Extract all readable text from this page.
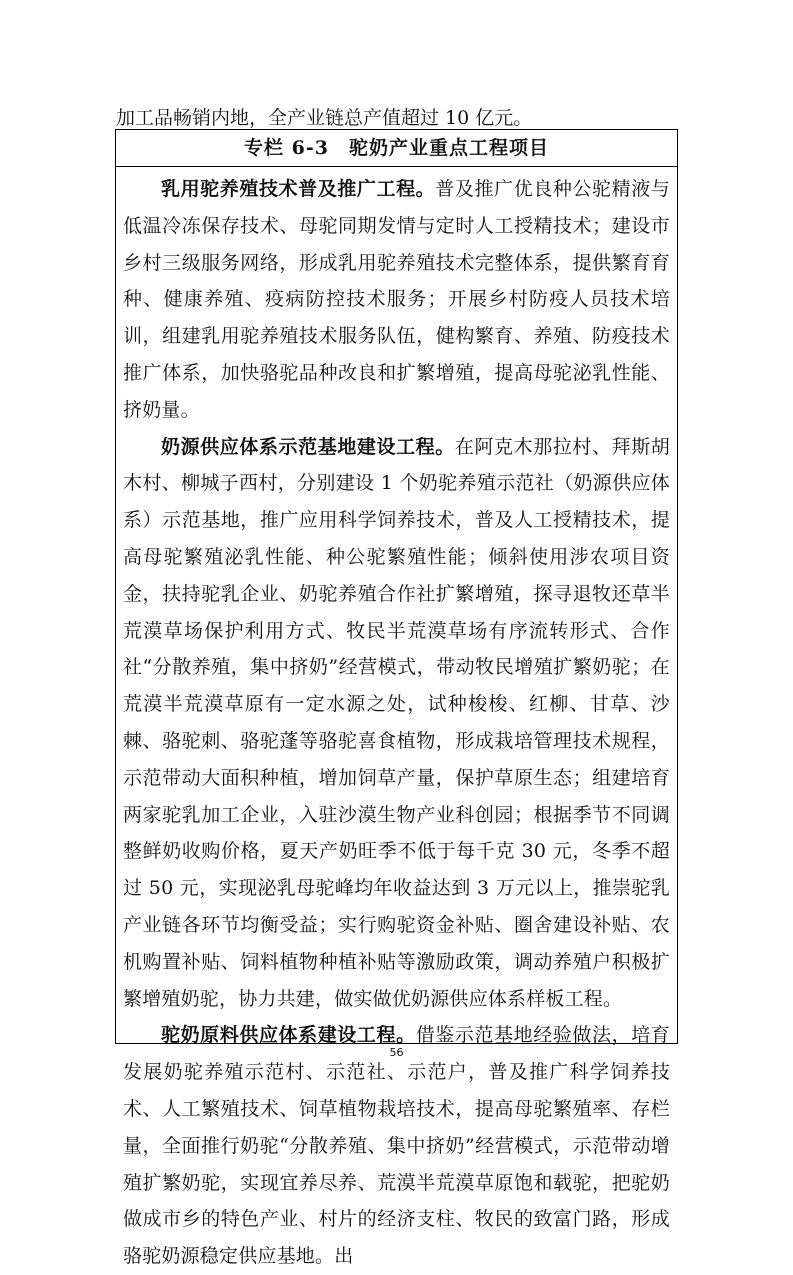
加工品畅销内地，全产业链总产值超过 10 亿元。

专栏 6-3　驼奶产业重点工程项目

乳用驼养殖技术普及推广工程。普及推广优良种公驼精液与低温冷冻保存技术、母驼同期发情与定时人工授精技术；建设市乡村三级服务网络，形成乳用驼养殖技术完整体系，提供繁育育种、健康养殖、疫病防控技术服务；开展乡村防疫人员技术培训，组建乳用驼养殖技术服务队伍，健构繁育、养殖、防疫技术推广体系，加快骆驼品种改良和扩繁增殖，提高母驼泌乳性能、挤奶量。

奶源供应体系示范基地建设工程。在阿克木那拉村、拜斯胡木村、柳城子西村，分别建设 1 个奶驼养殖示范社（奶源供应体系）示范基地，推广应用科学饲养技术，普及人工授精技术，提高母驼繁殖泌乳性能、种公驼繁殖性能；倾斜使用涉农项目资金，扶持驼乳企业、奶驼养殖合作社扩繁增殖，探寻退牧还草半荒漠草场保护利用方式、牧民半荒漠草场有序流转形式、合作社“分散养殖，集中挤奶”经营模式，带动牧民增殖扩繁奶驼；在荒漠半荒漠草原有一定水源之处，试种梭梭、红柳、甘草、沙棘、骆驼刺、骆驼蓬等骆驼喜食植物，形成栽培管理技术规程，示范带动大面积种植，增加饲草产量，保护草原生态；组建培育两家驼乳加工企业，入驻沙漠生物产业科创园；根据季节不同调整鲜奶收购价格，夏天产奶旺季不低于每千克 30 元，冬季不超过 50 元，实现泌乳母驼峰均年收益达到 3 万元以上，推崇驼乳产业链各环节均衡受益；实行购驼资金补贴、圈舍建设补贴、农机购置补贴、饲料植物种植补贴等激励政策，调动养殖户积极扩繁增殖奶驼，协力共建，做实做优奶源供应体系样板工程。

驼奶原料供应体系建设工程。借鉴示范基地经验做法，培育发展奶驼养殖示范村、示范社、示范户，普及推广科学饲养技术、人工繁殖技术、饲草植物栽培技术，提高母驼繁殖率、存栏量，全面推行奶驼“分散养殖、集中挤奶”经营模式，示范带动增殖扩繁奶驼，实现宜养尽养、荒漠半荒漠草原饱和载驼，把驼奶做成市乡的特色产业、村片的经济支柱、牧民的致富门路，形成骆驼奶源稳定供应基地。出

56
